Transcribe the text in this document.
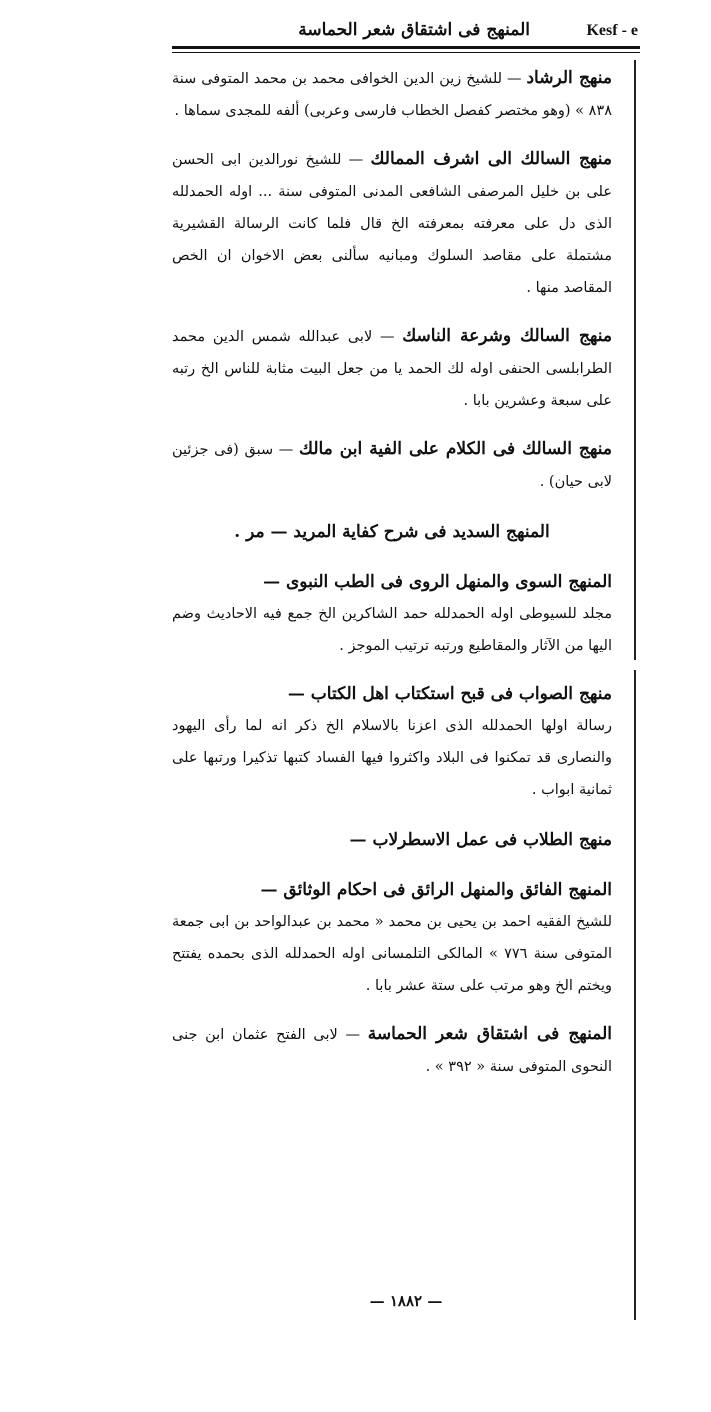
المنهج فى اشتقاق شعر الحماسة	Kesf - e

منهج الرشاد — للشيخ زين الدين الخوافى محمد بن محمد المتوفى سنة ٨٣٨ » (وهو مختصر كفصل الخطاب فارسى وعربى) ألفه للمجدى سماها .

منهج السالك الى اشرف الممالك — للشيخ نورالدين ابى الحسن على بن خليل المرصفى الشافعى المدنى المتوفى سنة ... اوله الحمدلله الذى دل على معرفته بمعرفته الخ قال فلما كانت الرسالة القشيرية مشتملة على مقاصد السلوك ومبانيه سألنى بعض الاخوان ان الخص المقاصد منها .

منهج السالك وشرعة الناسك — لابى عبدالله شمس الدين محمد الطرابلسى الحنفى اوله لك الحمد يا من جعل البيت مثابة للناس الخ رتبه على سبعة وعشرين بابا .

منهج السالك فى الكلام على الفية ابن مالك — سبق (فى جزئين لابى حيان) .

المنهج السديد فى شرح كفاية المريد — مر .

المنهج السوى والمنهل الروى فى الطب النبوى —

مجلد للسيوطى اوله الحمدلله حمد الشاكرين الخ جمع فيه الاحاديث وضم اليها من الآثار والمقاطيع ورتبه ترتيب الموجز .

منهج الصواب فى قبح استكتاب اهل الكتاب —

رسالة اولها الحمدلله الذى اعزنا بالاسلام الخ ذكر انه لما رأى اليهود والنصارى قد تمكنوا فى البلاد واكثروا فيها الفساد كتبها تذكيرا ورتبها على ثمانية ابواب .

منهج الطلاب فى عمل الاسطرلاب —

المنهج الفائق والمنهل الرائق فى احكام الوثائق —

للشيخ الفقيه احمد بن يحيى بن محمد « محمد بن عبدالواحد بن ابى جمعة المتوفى سنة ٧٧٦ » المالكى التلمسانى اوله الحمدلله الذى بحمده يفتتح ويختم الخ وهو مرتب على ستة عشر بابا .

المنهج فى اشتقاق شعر الحماسة — لابى الفتح عثمان ابن جنى النحوى المتوفى سنة « ٣٩٢ » .

— ١٨٨٢ —
